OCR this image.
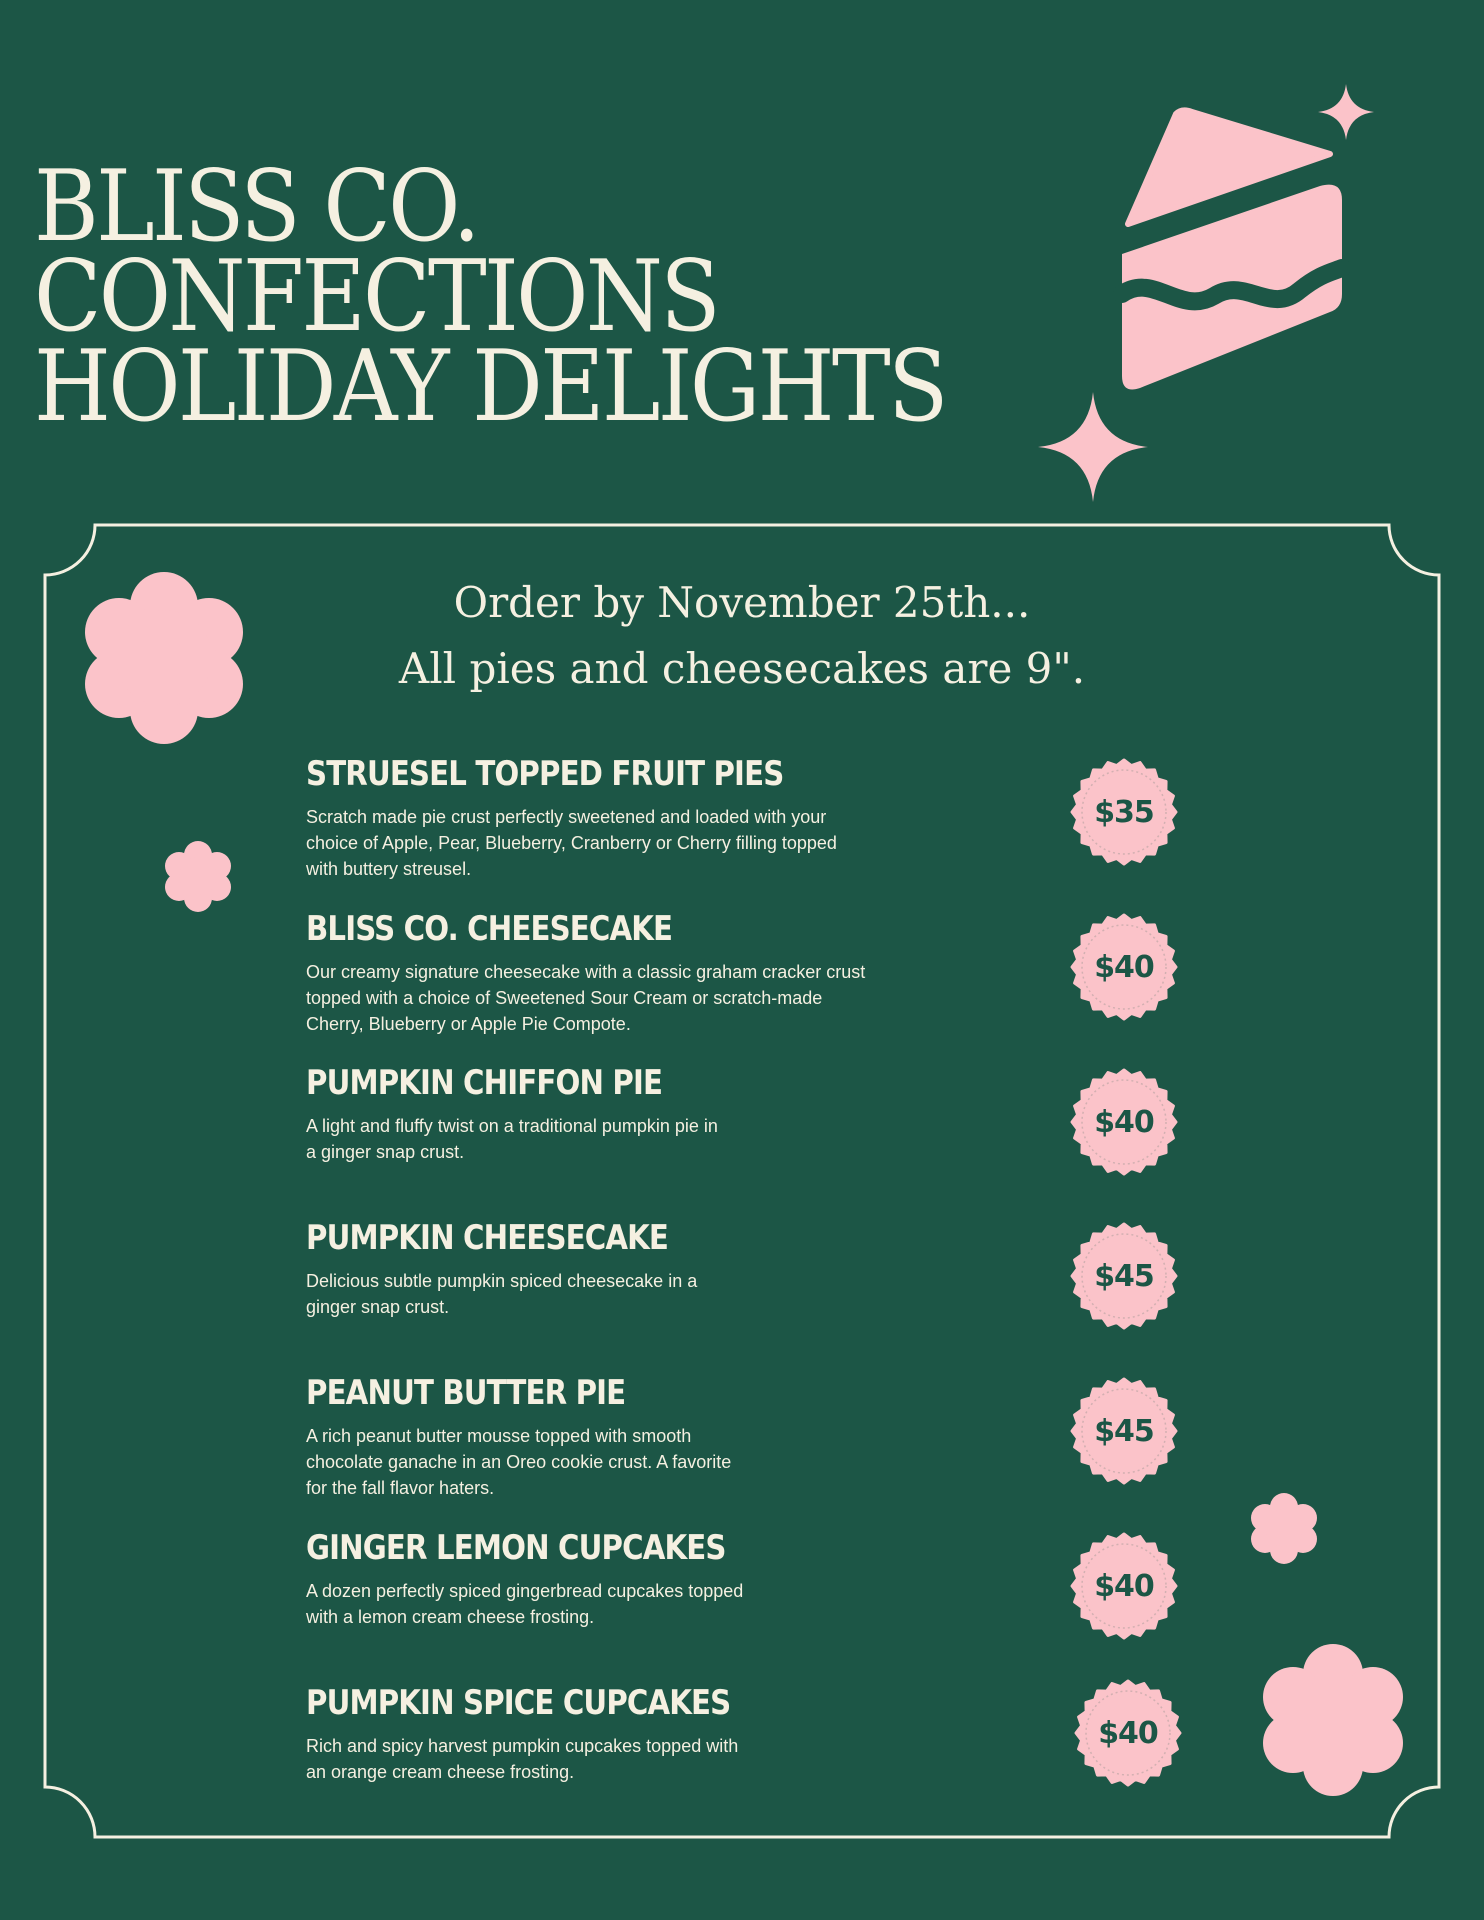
BLISS CO.
CONFECTIONS
HOLIDAY DELIGHTS

Order by November 25th...

All pies and cheesecakes are 9".

STRUESEL TOPPED FRUIT PIES

Scratch made pie crust perfectly sweetened and loaded with your choice of Apple, Pear, Blueberry, Cranberry or Cherry filling topped with buttery streusel.

BLISS CO. CHEESECAKE

Our creamy signature cheesecake with a classic graham cracker crust topped with a choice of Sweetened Sour Cream or scratch-made Cherry, Blueberry or Apple Pie Compote.

PUMPKIN CHIFFON PIE

A light and fluffy twist on a traditional pumpkin pie in a ginger snap crust.

PUMPKIN CHEESECAKE

Delicious subtle pumpkin spiced cheesecake in a ginger snap crust.

PEANUT BUTTER PIE

A rich peanut butter mousse topped with smooth chocolate ganache in an Oreo cookie crust. A favorite for the fall flavor haters.

GINGER LEMON CUPCAKES

A dozen perfectly spiced gingerbread cupcakes topped with a lemon cream cheese frosting.

PUMPKIN SPICE CUPCAKES

Rich and spicy harvest pumpkin cupcakes topped with an orange cream cheese frosting.

$35
$40
$40
$45
$45
$40
$40
